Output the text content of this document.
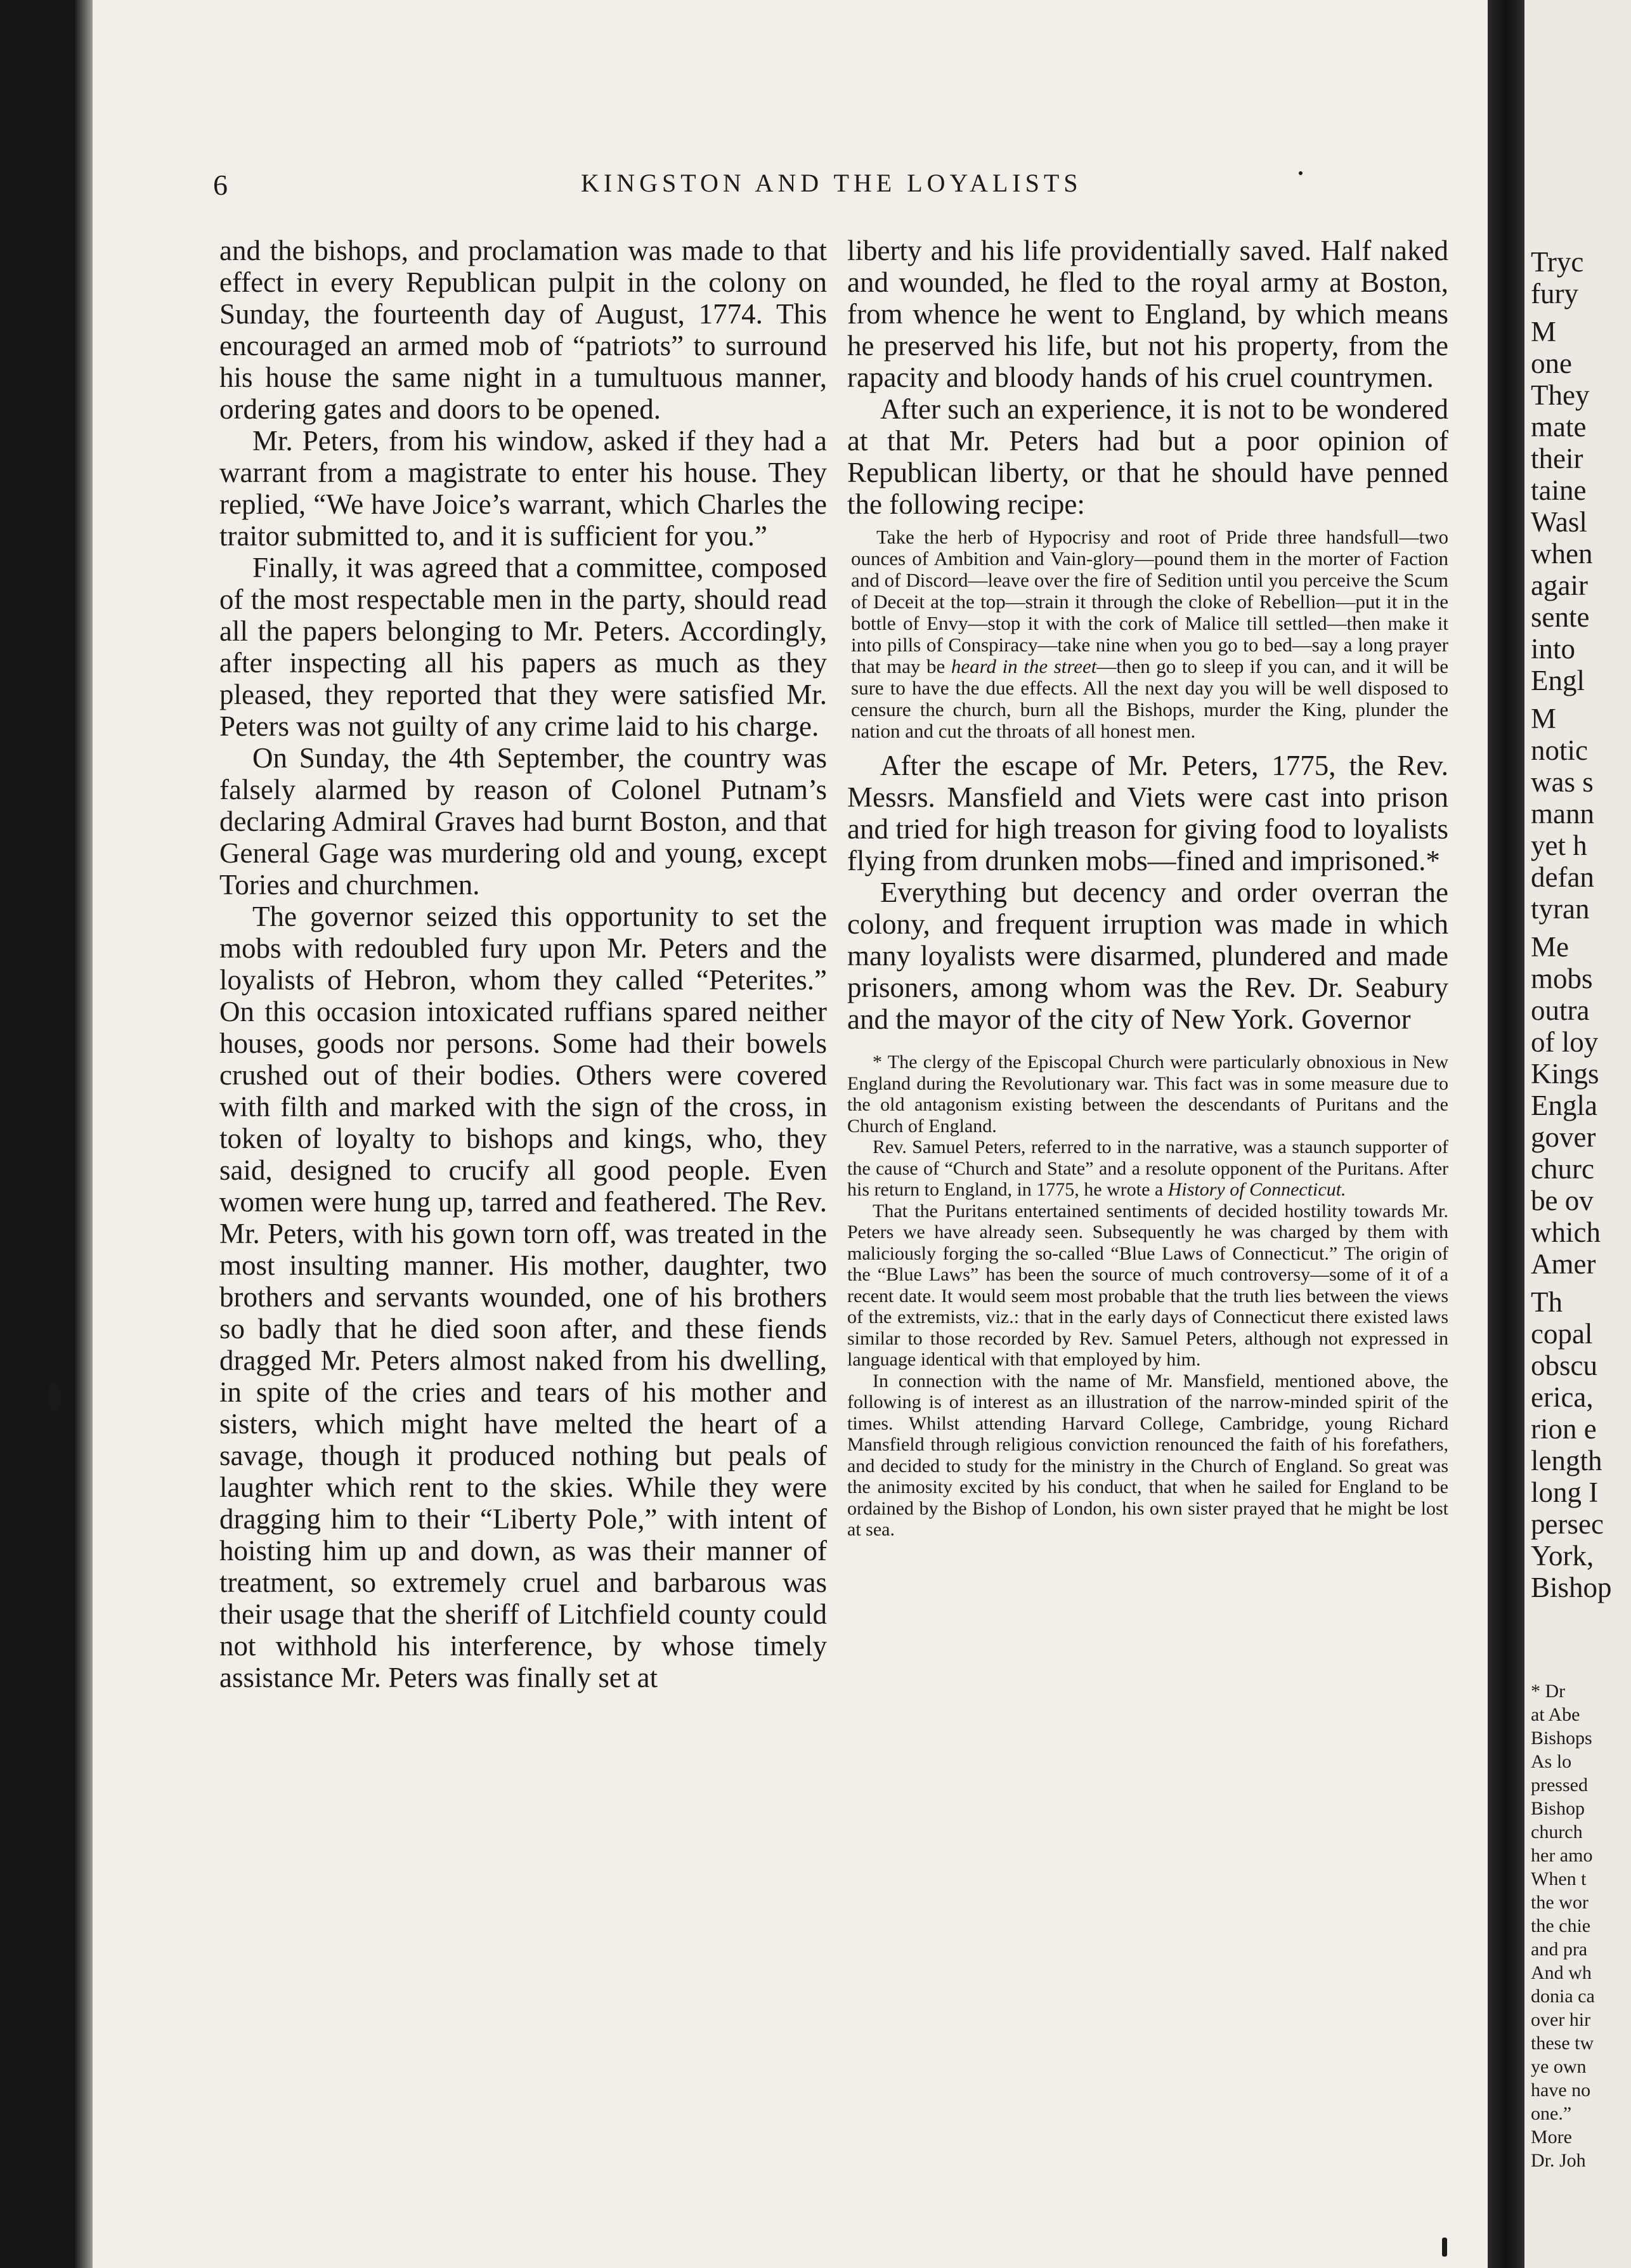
6	KINGSTON AND THE LOYALISTS

and the bishops, and proclamation was made to that effect in every Republican pulpit in the colony on Sunday, the fourteenth day of August, 1774. This encouraged an armed mob of “patriots” to surround his house the same night in a tumultuous manner, ordering gates and doors to be opened.

Mr. Peters, from his window, asked if they had a warrant from a magistrate to enter his house. They replied, “We have Joice’s warrant, which Charles the traitor submitted to, and it is sufficient for you.”

Finally, it was agreed that a committee, composed of the most respectable men in the party, should read all the papers belonging to Mr. Peters. Accordingly, after inspecting all his papers as much as they pleased, they reported that they were satisfied Mr. Peters was not guilty of any crime laid to his charge.

On Sunday, the 4th September, the country was falsely alarmed by reason of Colonel Putnam’s declaring Admiral Graves had burnt Boston, and that General Gage was murdering old and young, except Tories and churchmen.

The governor seized this opportunity to set the mobs with redoubled fury upon Mr. Peters and the loyalists of Hebron, whom they called “Peterites.” On this occasion intoxicated ruffians spared neither houses, goods nor persons. Some had their bowels crushed out of their bodies. Others were covered with filth and marked with the sign of the cross, in token of loyalty to bishops and kings, who, they said, designed to crucify all good people. Even women were hung up, tarred and feathered. The Rev. Mr. Peters, with his gown torn off, was treated in the most insulting manner. His mother, daughter, two brothers and servants wounded, one of his brothers so badly that he died soon after, and these fiends dragged Mr. Peters almost naked from his dwelling, in spite of the cries and tears of his mother and sisters, which might have melted the heart of a savage, though it produced nothing but peals of laughter which rent to the skies. While they were dragging him to their “Liberty Pole,” with intent of hoisting him up and down, as was their manner of treatment, so extremely cruel and barbarous was their usage that the sheriff of Litchfield county could not withhold his interference, by whose timely assistance Mr. Peters was finally set at

liberty and his life providentially saved. Half naked and wounded, he fled to the royal army at Boston, from whence he went to England, by which means he preserved his life, but not his property, from the rapacity and bloody hands of his cruel countrymen.

After such an experience, it is not to be wondered at that Mr. Peters had but a poor opinion of Republican liberty, or that he should have penned the following recipe:

Take the herb of Hypocrisy and root of Pride three handsfull—two ounces of Ambition and Vain-glory—pound them in the morter of Faction and of Discord—leave over the fire of Sedition until you perceive the Scum of Deceit at the top—strain it through the cloke of Rebellion—put it in the bottle of Envy—stop it with the cork of Malice till settled—then make it into pills of Conspiracy—take nine when you go to bed—say a long prayer that may be heard in the street—then go to sleep if you can, and it will be sure to have the due effects. All the next day you will be well disposed to censure the church, burn all the Bishops, murder the King, plunder the nation and cut the throats of all honest men.

After the escape of Mr. Peters, 1775, the Rev. Messrs. Mansfield and Viets were cast into prison and tried for high treason for giving food to loyalists flying from drunken mobs—fined and imprisoned.*

Everything but decency and order overran the colony, and frequent irruption was made in which many loyalists were disarmed, plundered and made prisoners, among whom was the Rev. Dr. Seabury and the mayor of the city of New York. Governor

* The clergy of the Episcopal Church were particularly obnoxious in New England during the Revolutionary war. This fact was in some measure due to the old antagonism existing between the descendants of Puritans and the Church of England.

Rev. Samuel Peters, referred to in the narrative, was a staunch supporter of the cause of “Church and State” and a resolute opponent of the Puritans. After his return to England, in 1775, he wrote a History of Connecticut.

That the Puritans entertained sentiments of decided hostility towards Mr. Peters we have already seen. Subsequently he was charged by them with maliciously forging the so-called “Blue Laws of Connecticut.” The origin of the “Blue Laws” has been the source of much controversy—some of it of a recent date. It would seem most probable that the truth lies between the views of the extremists, viz.: that in the early days of Connecticut there existed laws similar to those recorded by Rev. Samuel Peters, although not expressed in language identical with that employed by him.

In connection with the name of Mr. Mansfield, mentioned above, the following is of interest as an illustration of the narrow-minded spirit of the times. Whilst attending Harvard College, Cambridge, young Richard Mansfield through religious conviction renounced the faith of his forefathers, and decided to study for the ministry in the Church of England. So great was the animosity excited by his conduct, that when he sailed for England to be ordained by the Bishop of London, his own sister prayed that he might be lost at sea.

Tryc
fury
M
one
They
mate
their
taine
Wasl
when
agair
sente
into
Engl
M
notic
was s
mann
yet h
defan
tyran
Me
mobs
outra
of loy
Kings
Engla
gover
churc
be ov
which
Amer
Th
copal
obscu
erica,
rion e
length
long I
persec
York,
Bishop
* Dr
at Abe
Bishops
As lo
pressed
Bishop
church
her amo
When t
the wor
the chie
and pra
And wh
donia ca
over hir
these tw
ye own
have no
one.”
More
Dr. Joh
